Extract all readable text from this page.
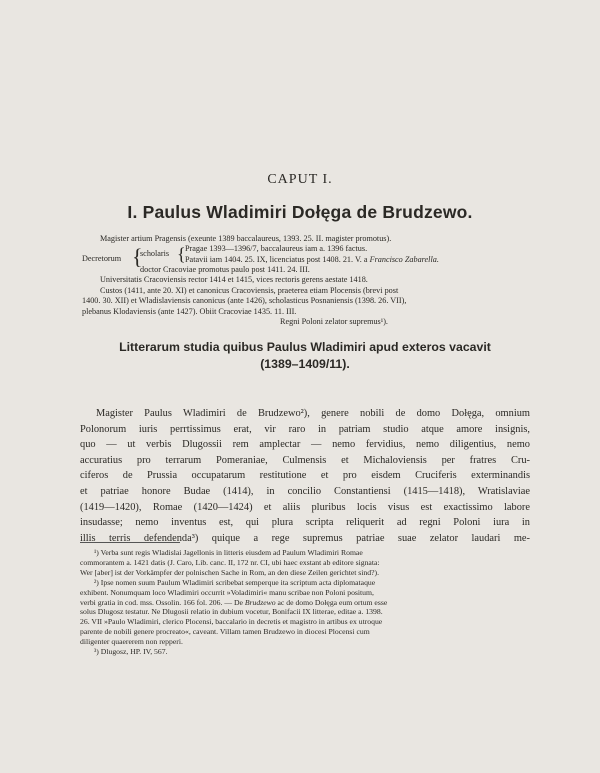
CAPUT I.
I. Paulus Wladimiri Dołęga de Brudzewo.
Magister artium Pragensis (exeunte 1389 baccalaureus, 1393. 25. II. magister promotus).
Decretorum {
scholaris { Pragae 1393—1396/7, baccalaureus iam a. 1396 factus.
Patavii iam 1404. 25. IX, licenciatus post 1408. 21. V. a Francisco Zabarella.
doctor Cracoviae promotus paulo post 1411. 24. III.
Universitatis Cracoviensis rector 1414 et 1415, vices rectoris gerens aestate 1418.
Custos (1411, ante 20. XI) et canonicus Cracoviensis, praeterea etiam Plocensis (brevi post
1400. 30. XII) et Wladislaviensis canonicus (ante 1426), scholasticus Posnaniensis (1398. 26. VII),
plebanus Klodaviensis (ante 1427). Obiit Cracoviae 1435. 11. III.
Regni Poloni zelator supremus¹).
Litterarum studia quibus Paulus Wladimiri apud exteros vacavit
(1389–1409/11).
Magister Paulus Wladimiri de Brudzewo²), genere nobili de domo Dołęga, omnium
Polonorum iuris perrtissimus erat, vir raro in patriam studio atque amore insignis,
quo — ut verbis Dlugossii rem amplectar — nemo fervidius, nemo diligentius, nemo
accuratius pro terrarum Pomeraniae, Culmensis et Michaloviensis per fratres Cru-
ciferos de Prussia occupatarum restitutione et pro eisdem Cruciferis exterminandis
et patriae honore Budae (1414), in concilio Constantiensi (1415—1418), Wratislaviae
(1419—1420), Romae (1420—1424) et aliis pluribus locis visus est exactissimo labore
insudasse; nemo inventus est, qui plura scripta reliquerit ad regni Poloni iura in
illis terris defendenda³) quique a rege supremus patriae suae zelator laudari me-
¹) Verba sunt regis Wladislai Jagellonis in litteris eiusdem ad Paulum Wladimiri Romae
commorantem a. 1421 datis (J. Caro, Lib. canc. II, 172 nr. CI, ubi haec exstant ab editore signata:
Wer [aber] ist der Vorkämpfer der polnischen Sache in Rom, an den diese Zeilen gerichtet sind?).
²) Ipse nomen suum Paulum Wladimiri scribebat semperque ita scriptum acta diplomataque
exhibent. Nonumquam loco Wladimiri occurrit »Voladimiri« manu scribae non Poloni positum,
verbi gratia in cod. mss. Ossolin. 166 fol. 206. — De Brudzewo ac de domo Dołęga eum ortum esse
solus Dlugosz testatur. Ne Dlugosii relatio in dubium vocetur, Bonifacii IX litterae, editae a. 1398.
26. VII »Paulo Wladimiri, clerico Plocensi, baccalario in decretis et magistro in artibus ex utroque
parente de nobili genere procreato«, caveant. Villam tamen Brudzewo in diocesi Plocensi cum
diligenter quaererem non repperi.
³) Dlugosz, HP. IV, 567.
